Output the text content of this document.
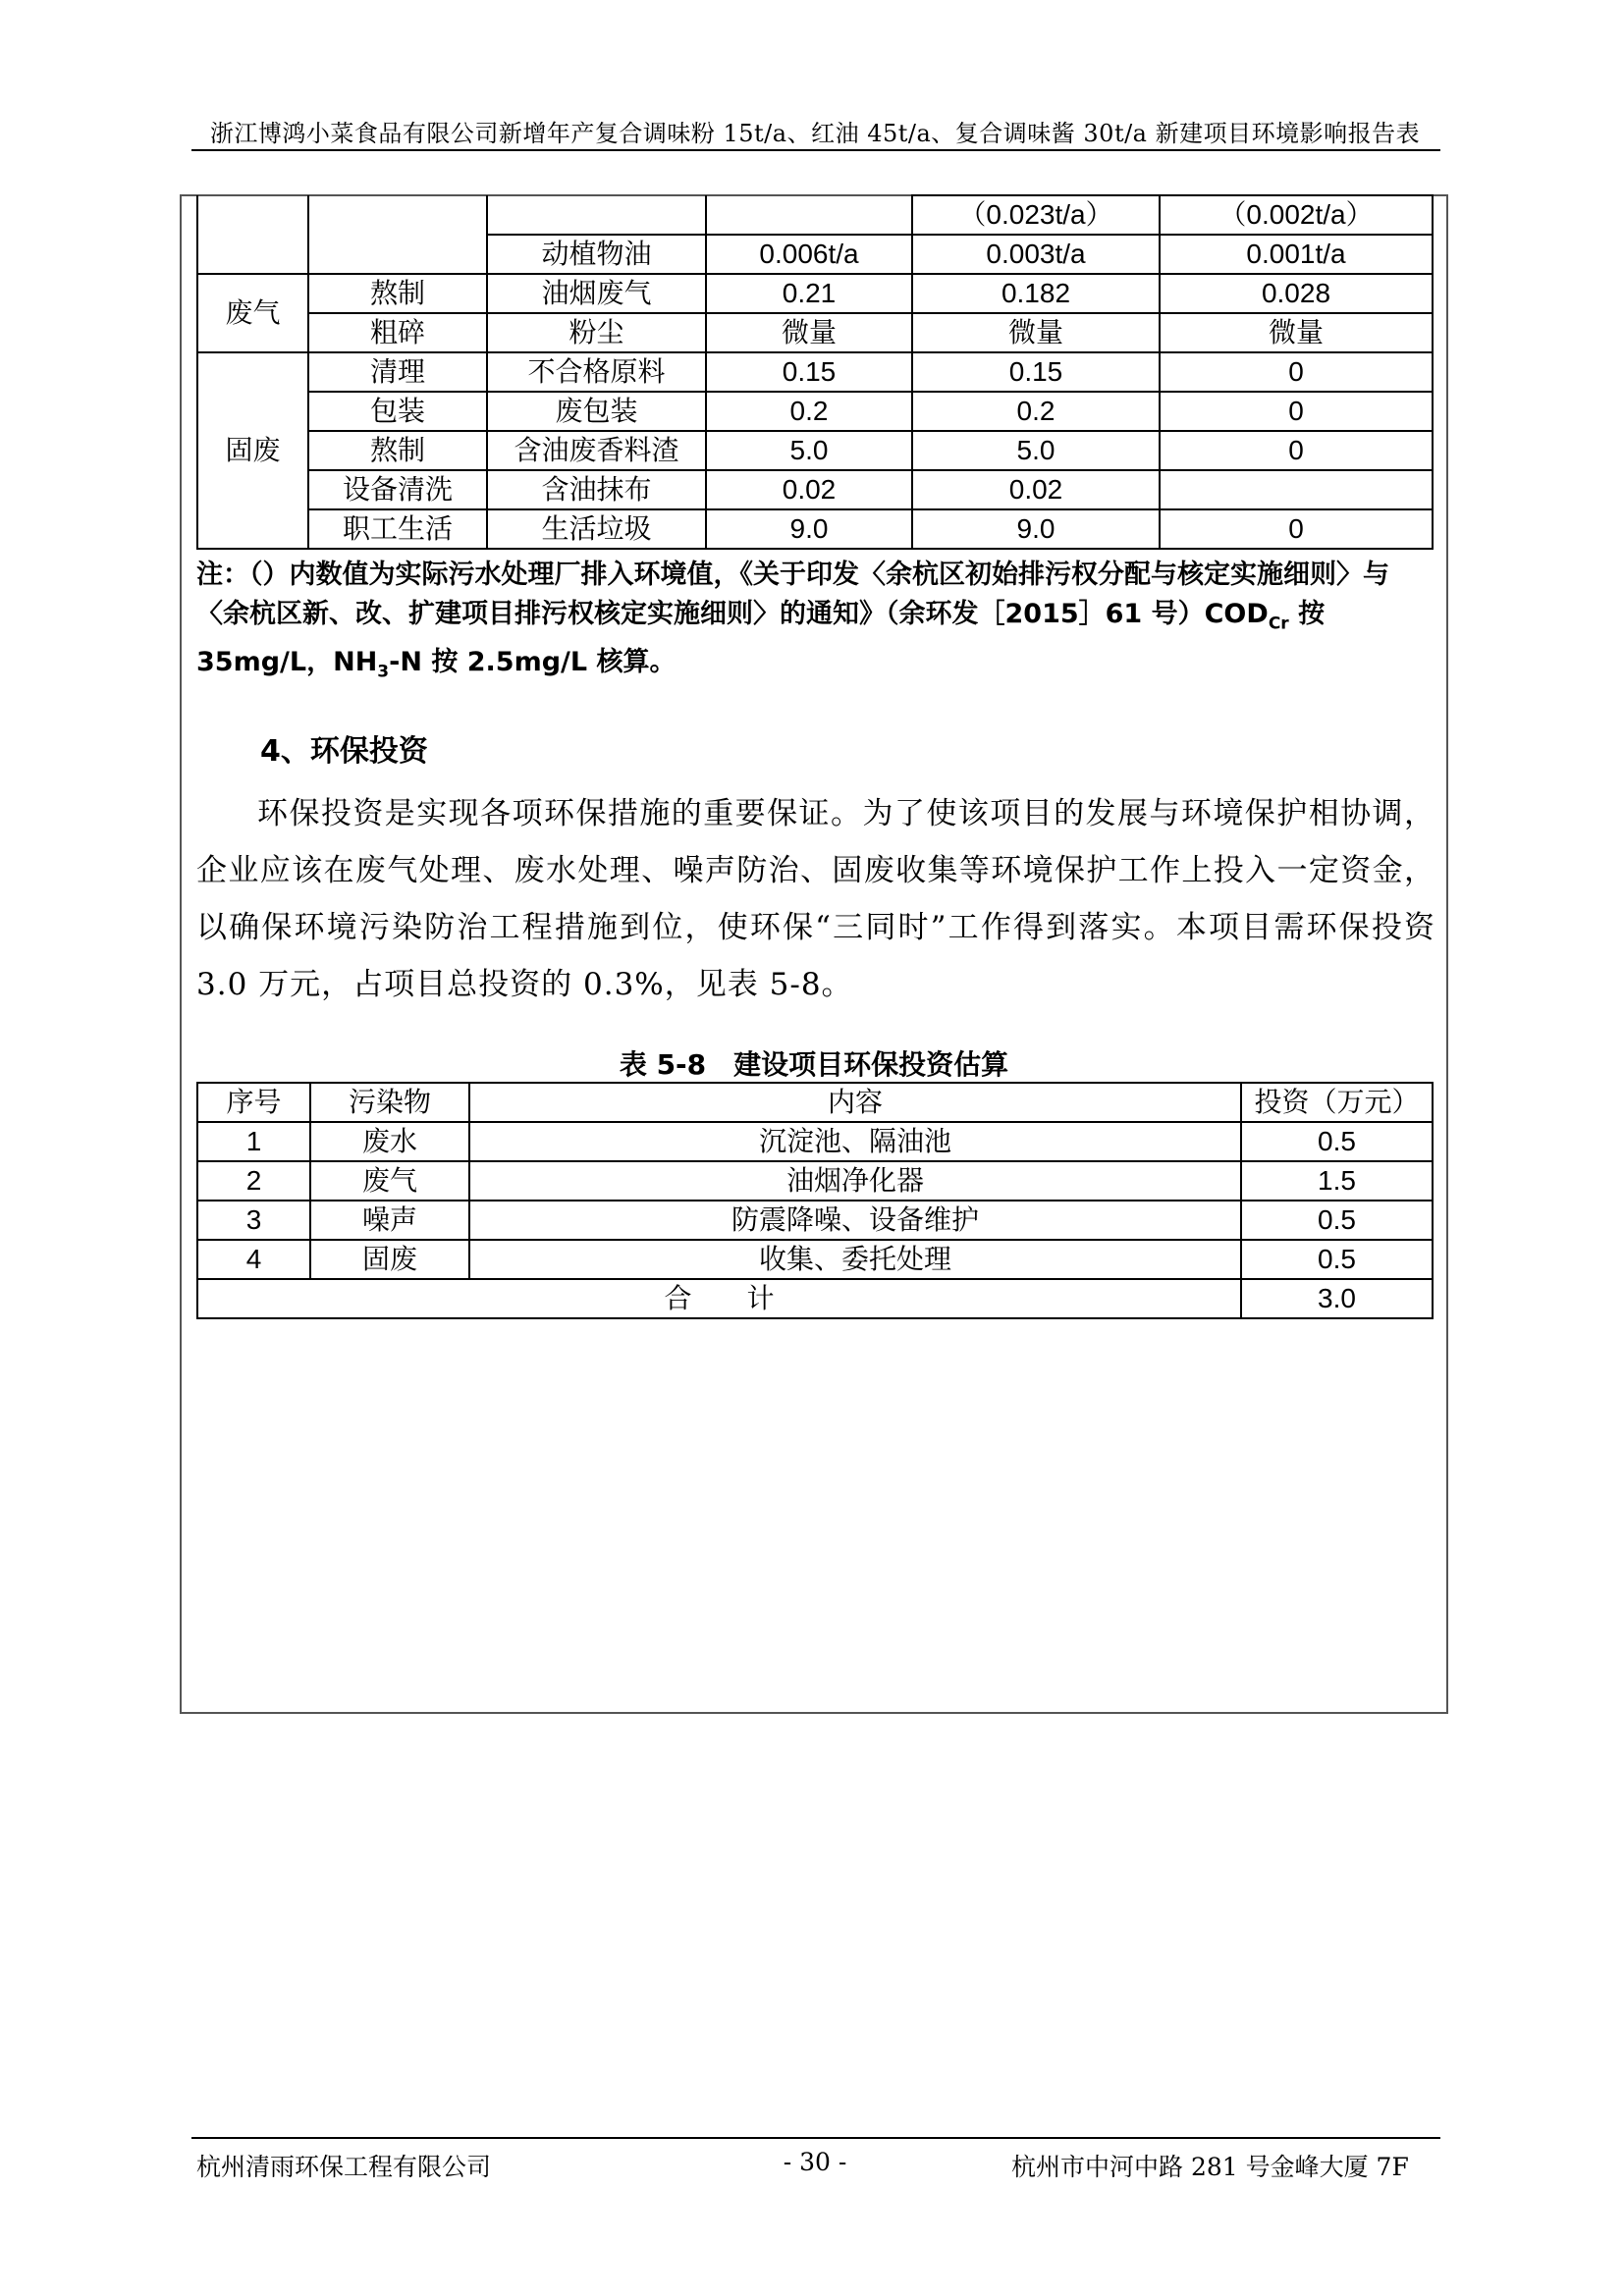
浙江博鸿小菜食品有限公司新增年产复合调味粉 15t/a、红油 45t/a、复合调味酱 30t/a 新建项目环境影响报告表
				（0.023t/a）	（0.002t/a）
		动植物油	0.006t/a	0.003t/a	0.001t/a
废气	熬制	油烟废气	0.21	0.182	0.028
	粗碎	粉尘	微量	微量	微量
固废	清理	不合格原料	0.15	0.15	0
	包装	废包装	0.2	0.2	0
	熬制	含油废香料渣	5.0	5.0	0
	设备清洗	含油抹布	0.02	0.02	
	职工生活	生活垃圾	9.0	9.0	0
注：（）内数值为实际污水处理厂排入环境值，《关于印发〈余杭区初始排污权分配与核定实施细则〉与〈余杭区新、改、扩建项目排污权核定实施细则〉的通知》（余环发［2015］61 号）$COD_{Cr}$ 按 35mg/L，$NH_3-N$ 按 2.5mg/L 核算。
4、环保投资
环保投资是实现各项环保措施的重要保证。为了使该项目的发展与环境保护相协调，企业应该在废气处理、废水处理、噪声防治、固废收集等环境保护工作上投入一定资金，以确保环境污染防治工程措施到位，使环保“三同时”工作得到落实。本项目需环保投资 3.0 万元，占项目总投资的 0.3%，见表 5-8。
表 5-8　建设项目环保投资估算
序号	污染物	内容	投资（万元）
1	废水	沉淀池、隔油池	0.5
2	废气	油烟净化器	1.5
3	噪声	防震降噪、设备维护	0.5
4	固废	收集、委托处理	0.5
合　　计			3.0
杭州清雨环保工程有限公司	- 30 -	杭州市中河中路 281 号金峰大厦 7F
